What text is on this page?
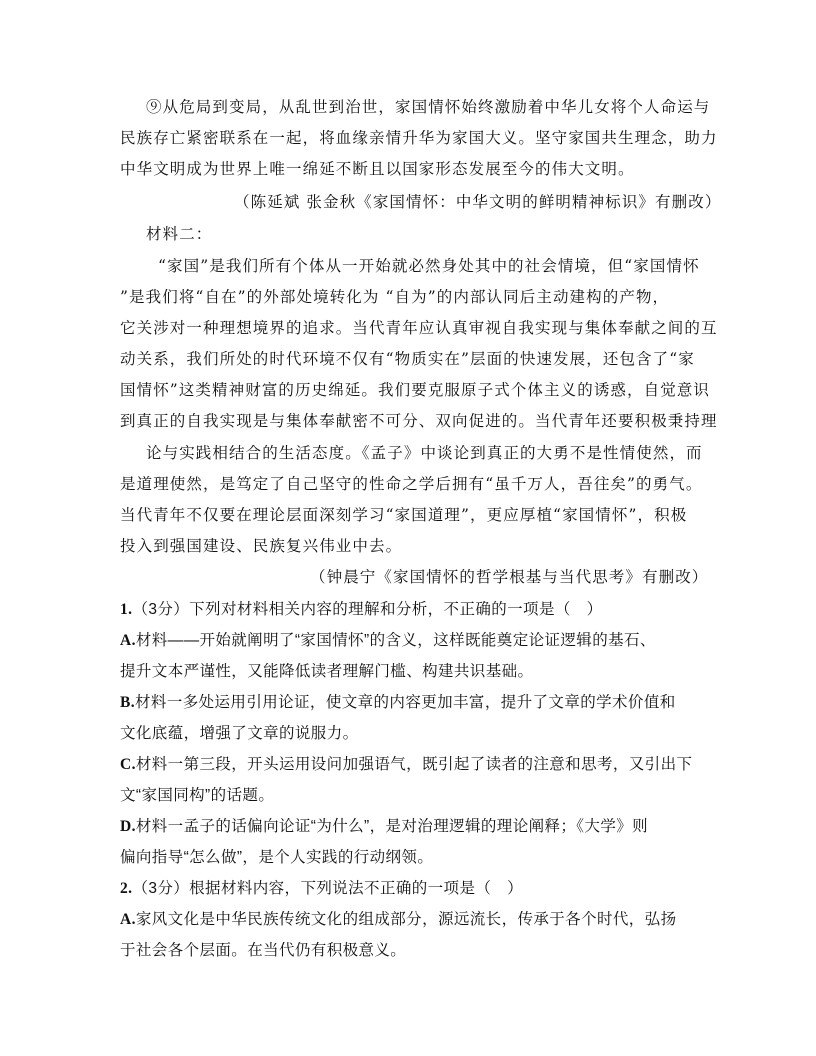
⑨从危局到变局，从乱世到治世，家国情怀始终激励着中华儿女将个人命运与
民族存亡紧密联系在一起，将血缘亲情升华为家国大义。坚守家国共生理念，助力
中华文明成为世界上唯一绵延不断且以国家形态发展至今的伟大文明。
（陈延斌 张金秋《家国情怀：中华文明的鲜明精神标识》有删改）
材料二：
“家国”是我们所有个体从一开始就必然身处其中的社会情境，但“家国情怀
”是我们将“自在”的外部处境转化为 “自为”的内部认同后主动建构的产物，
它关涉对一种理想境界的追求。当代青年应认真审视自我实现与集体奉献之间的互
动关系，我们所处的时代环境不仅有“物质实在”层面的快速发展，还包含了“家
国情怀”这类精神财富的历史绵延。我们要克服原子式个体主义的诱惑，自觉意识
到真正的自我实现是与集体奉献密不可分、双向促进的。当代青年还要积极秉持理
论与实践相结合的生活态度。《孟子》中谈论到真正的大勇不是性情使然，而
是道理使然，是笃定了自己坚守的性命之学后拥有“虽千万人，吾往矣”的勇气。
当代青年不仅要在理论层面深刻学习“家国道理”，更应厚植“家国情怀”，积极
投入到强国建设、民族复兴伟业中去。
（钟晨宁《家国情怀的哲学根基与当代思考》有删改）
1.（3分）下列对材料相关内容的理解和分析，不正确的一项是（　）
A.材料——开始就阐明了“家国情怀”的含义，这样既能奠定论证逻辑的基石、
提升文本严谨性，又能降低读者理解门槛、构建共识基础。
B.材料一多处运用引用论证，使文章的内容更加丰富，提升了文章的学术价值和
文化底蕴，增强了文章的说服力。
C.材料一第三段，开头运用设问加强语气，既引起了读者的注意和思考，又引出下
文“家国同构”的话题。
D.材料一孟子的话偏向论证“为什么”，是对治理逻辑的理论阐释；《大学》则
偏向指导“怎么做”，是个人实践的行动纲领。
2.（3分）根据材料内容，下列说法不正确的一项是（　）
A.家风文化是中华民族传统文化的组成部分，源远流长，传承于各个时代，弘扬
于社会各个层面。在当代仍有积极意义。
